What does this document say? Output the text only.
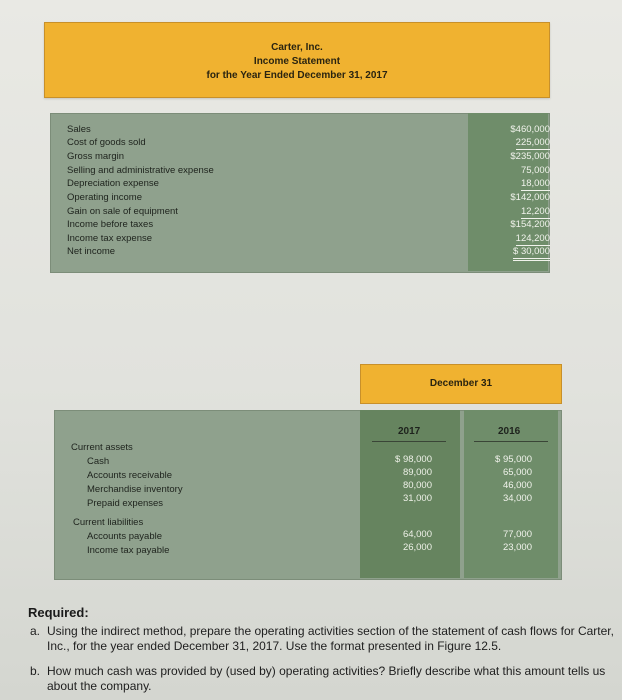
Carter, Inc.
Income Statement
for the Year Ended December 31, 2017
Sales
Cost of goods sold
Gross margin
Selling and administrative expense
Depreciation expense
Operating income
Gain on sale of equipment
Income before taxes
Income tax expense
Net income
$460,000
225,000
$235,000
75,000
18,000
$142,000
12,200
$154,200
124,200
$ 30,000
December 31
2017	2016
Current assets
Cash
Accounts receivable
Merchandise inventory
Prepaid expenses
Current liabilities
Accounts payable
Income tax payable
$ 98,000
89,000
80,000
31,000
64,000
26,000
$ 95,000
65,000
46,000
34,000
77,000
23,000
Required:
a. Using the indirect method, prepare the operating activities section of the statement of cash flows for Carter, Inc., for the year ended December 31, 2017. Use the format presented in Figure 12.5.
b. How much cash was provided by (used by) operating activities? Briefly describe what this amount tells us about the company.
